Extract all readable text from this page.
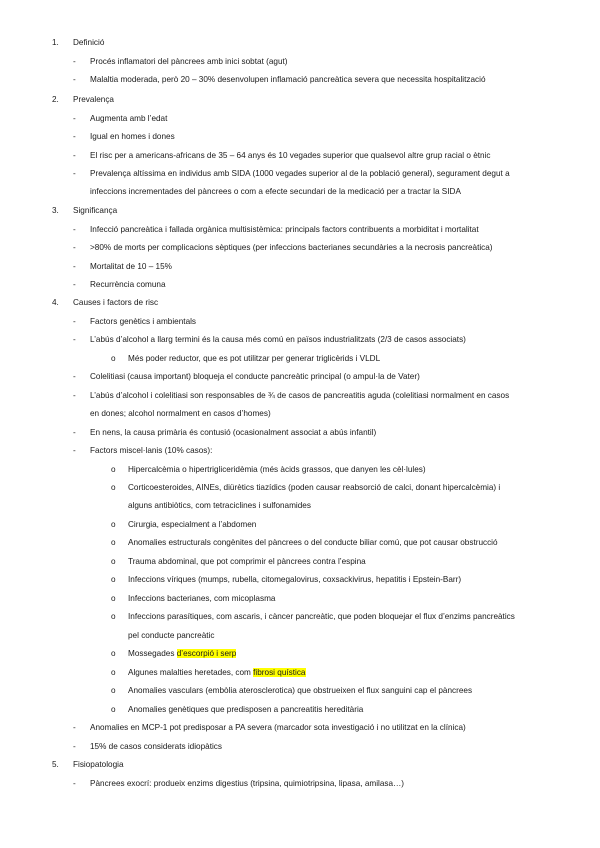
1. Definició
- Procés inflamatori del pàncrees amb inici sobtat (agut)
- Malaltia moderada, però 20 – 30% desenvolupen inflamació pancreàtica severa que necessita hospitalització
2. Prevalença
- Augmenta amb l’edat
- Igual en homes i dones
- El risc per a americans-africans de 35 – 64 anys és 10 vegades superior que qualsevol altre grup racial o ètnic
- Prevalença altíssima en individus amb SIDA (1000 vegades superior al de la població general), segurament degut a
infeccions incrementades del pàncrees o com a efecte secundari de la medicació per a tractar la SIDA
3. Significança
- Infecció pancreàtica i fallada orgànica multisistèmica: principals factors contribuents a morbiditat i mortalitat
- >80% de morts per complicacions sèptiques (per infeccions bacterianes secundàries a la necrosis pancreàtica)
- Mortalitat de 10 – 15%
- Recurrència comuna
4. Causes i factors de risc
- Factors genètics i ambientals
- L’abús d’alcohol a llarg termini és la causa més comú en països industrialitzats (2/3 de casos associats)
o Més poder reductor, que es pot utilitzar per generar triglicèrids i VLDL
- Colelitiasi (causa important) bloqueja el conducte pancreàtic principal (o ampul·la de Vater)
- L’abús d’alcohol i colelitiasi son responsables de ¾ de casos de pancreatitis aguda (colelitiasi normalment en casos
en dones; alcohol normalment en casos d’homes)
- En nens, la causa primària és contusió (ocasionalment associat a abús infantil)
- Factors miscel·lanis (10% casos):
o Hipercalcèmia o hipertrigliceridèmia (més àcids grassos, que danyen les cèl·lules)
o Corticoesteroides, AINEs, diürètics tiazídics (poden causar reabsorció de calci, donant hipercalcèmia) i
alguns antibiòtics, com tetraciclines i sulfonamides
o Cirurgia, especialment a l’abdomen
o Anomalies estructurals congènites del pàncrees o del conducte biliar comú, que pot causar obstrucció
o Trauma abdominal, que pot comprimir el pàncrees contra l’espina
o Infeccions víriques (mumps, rubella, citomegalovirus, coxsackivirus, hepatitis i Epstein-Barr)
o Infeccions bacterianes, com micoplasma
o Infeccions parasítiques, com ascaris, i càncer pancreàtic, que poden bloquejar el flux d’enzims pancreàtics
pel conducte pancreàtic
o Mossegades d’escorpió i serp
o Algunes malalties heretades, com fibrosi quística
o Anomalies vasculars (embòlia aterosclerotica) que obstrueixen el flux sanguini cap el pàncrees
o Anomalies genètiques que predisposen a pancreatitis hereditària
- Anomalies en MCP-1 pot predisposar a PA severa (marcador sota investigació i no utilitzat en la clínica)
- 15% de casos considerats idiopàtics
5. Fisiopatologia
- Pàncrees exocrí: produeix enzims digestius (tripsina, quimiotripsina, lipasa, amilasa…)
